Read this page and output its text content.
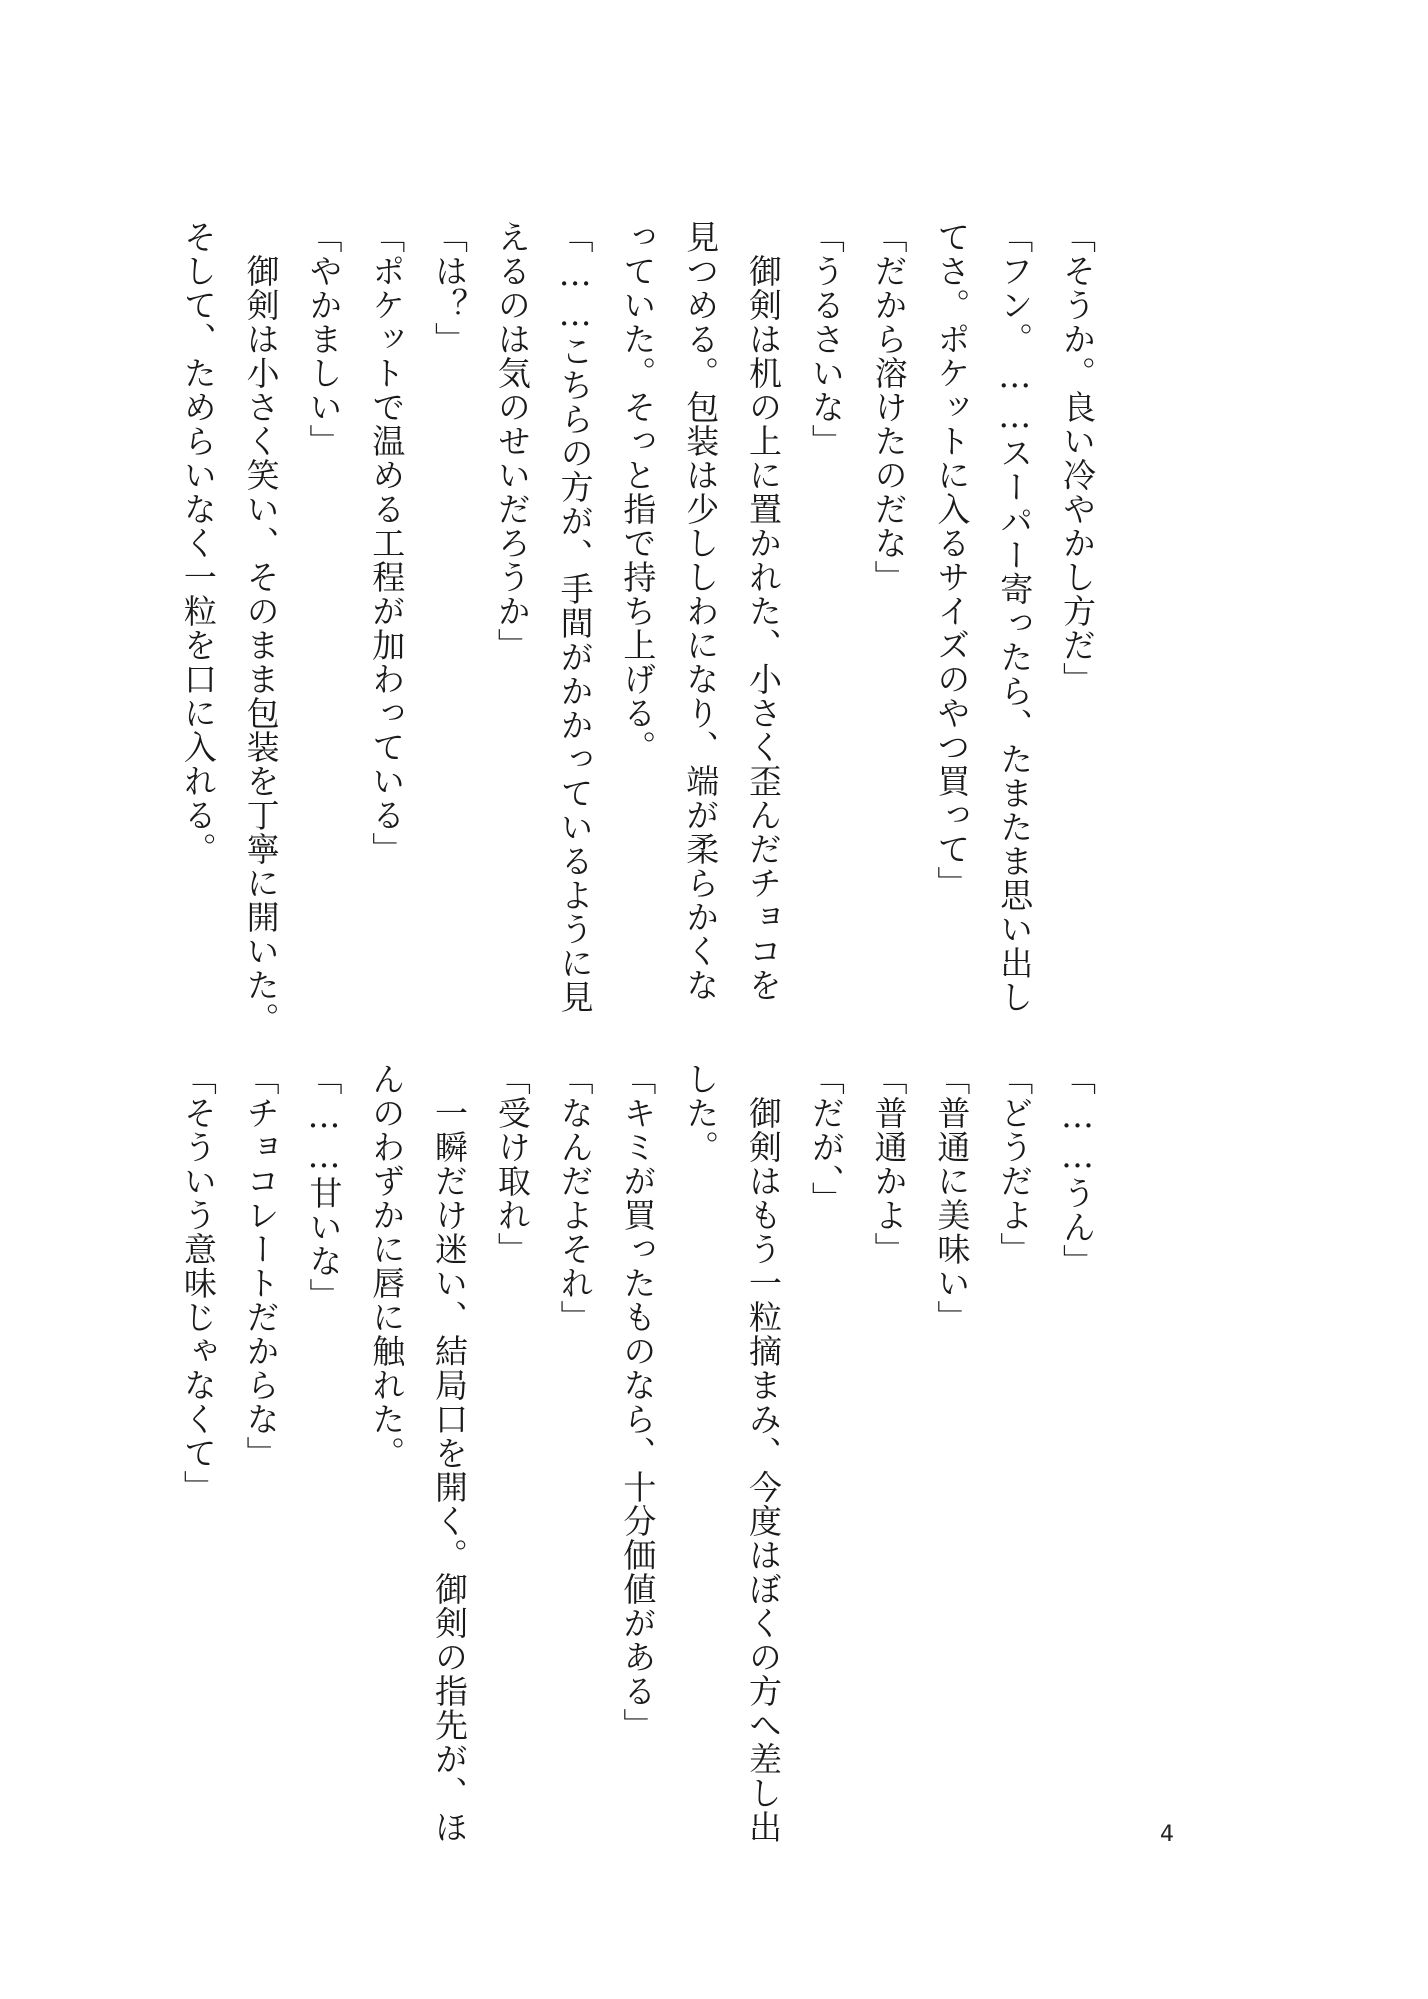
「そうか。良い冷やかし方だ」
「フン。……スーパー寄ったら、たまたま思い出し
てさ。ポケットに入るサイズのやつ買って」
「だから溶けたのだな」
「うるさいな」
　御剣は机の上に置かれた、小さく歪んだチョコを
見つめる。包装は少ししわになり、端が柔らかくな
っていた。そっと指で持ち上げる。
「……こちらの方が、手間がかかっているように見
えるのは気のせいだろうか」
「は？」
「ポケットで温める工程が加わっている」
「やかましい」
　御剣は小さく笑い、そのまま包装を丁寧に開いた。
そして、ためらいなく一粒を口に入れる。
「……うん」
「どうだよ」
「普通に美味い」
「普通かよ」
「だが、」
　御剣はもう一粒摘まみ、今度はぼくの方へ差し出
した。
「キミが買ったものなら、十分価値がある」
「なんだよそれ」
「受け取れ」
　一瞬だけ迷い、結局口を開く。御剣の指先が、ほ
んのわずかに唇に触れた。
「……甘いな」
「チョコレートだからな」
「そういう意味じゃなくて」
4
